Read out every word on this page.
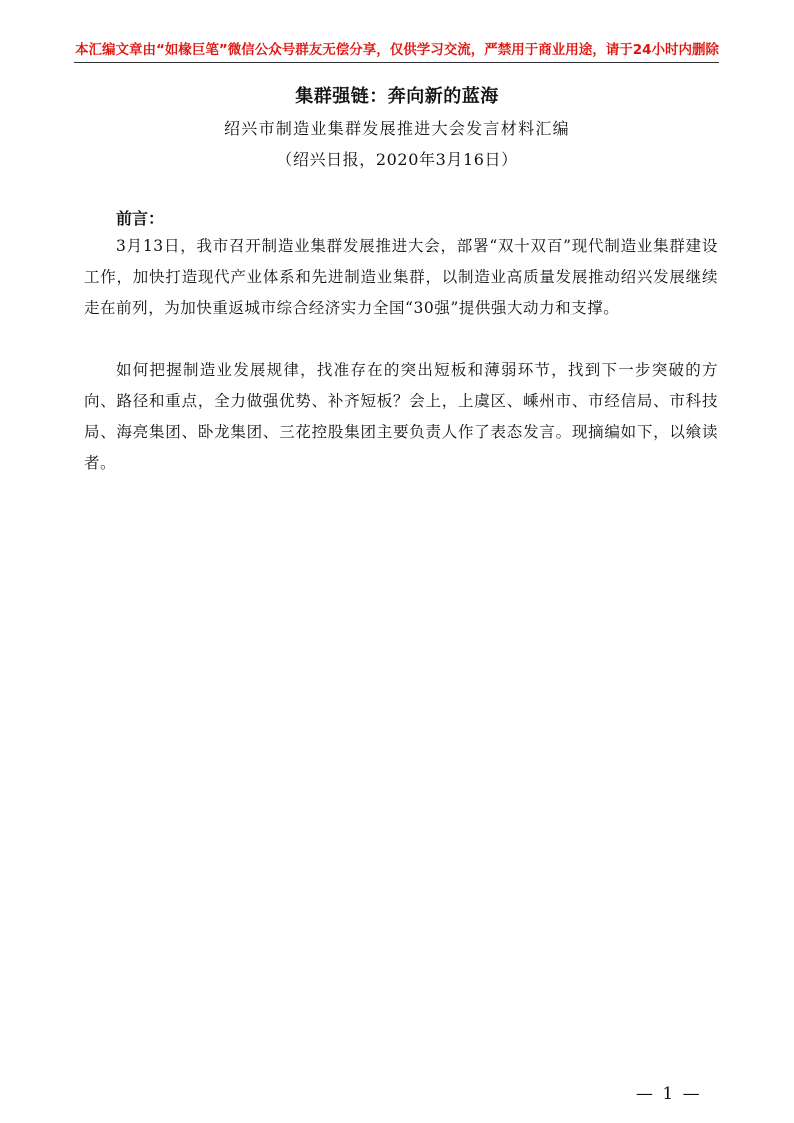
本汇编文章由“如椽巨笔”微信公众号群友无偿分享，仅供学习交流，严禁用于商业用途，请于24小时内删除
集群强链：奔向新的蓝海
绍兴市制造业集群发展推进大会发言材料汇编
（绍兴日报，2020年3月16日）
前言：

3月13日，我市召开制造业集群发展推进大会，部署“双十双百”现代制造业集群建设工作，加快打造现代产业体系和先进制造业集群，以制造业高质量发展推动绍兴发展继续走在前列，为加快重返城市综合经济实力全国“30强”提供强大动力和支撑。

如何把握制造业发展规律，找准存在的突出短板和薄弱环节，找到下一步突破的方向、路径和重点，全力做强优势、补齐短板？会上，上虞区、嵊州市、市经信局、市科技局、海亮集团、卧龙集团、三花控股集团主要负责人作了表态发言。现摘编如下，以飨读者。

— 1 —
